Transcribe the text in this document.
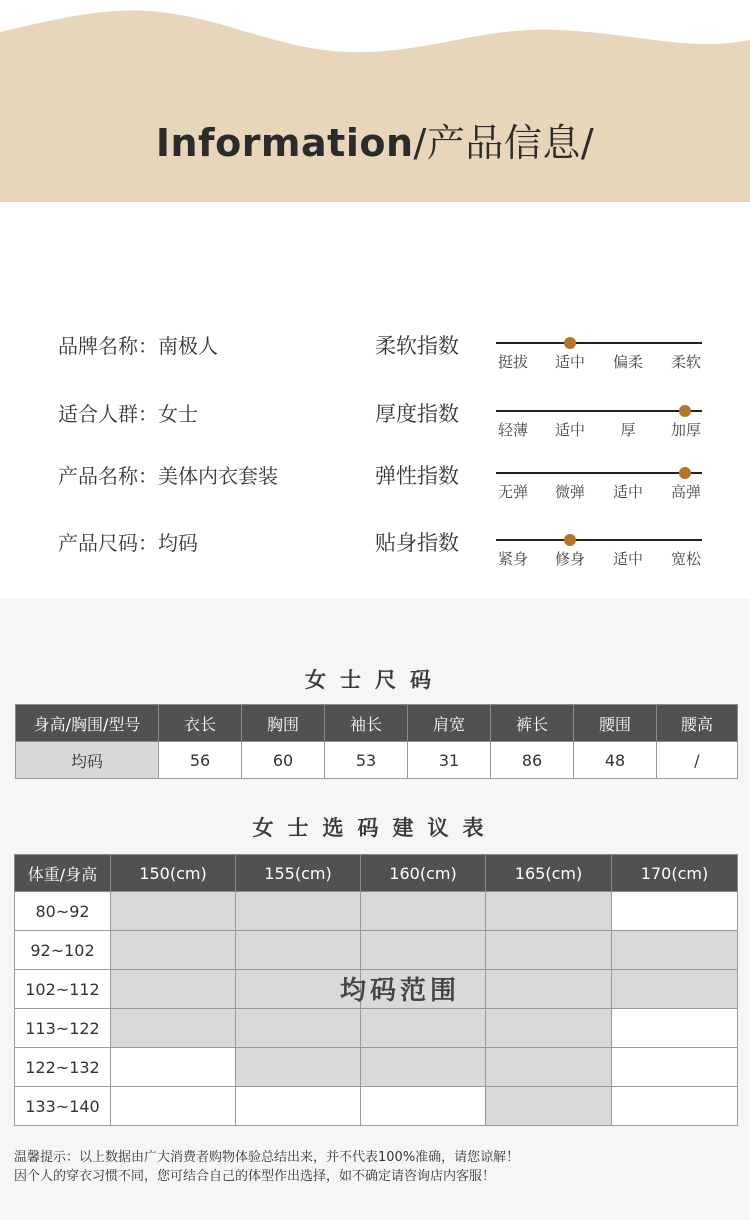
Information/产品信息/
品牌名称：南极人	柔软指数
挺拔 适中 偏柔 柔软
适合人群：女士	厚度指数
轻薄 适中 厚 加厚
产品名称：美体内衣套装	弹性指数
无弹 微弹 适中 高弹
产品尺码：均码	贴身指数
紧身 修身 适中 宽松
女士尺码
身高/胸围/型号	衣长	胸围	袖长	肩宽	裤长	腰围	腰高
均码	56	60	53	31	86	48	/
女士选码建议表
体重/身高	150(cm)	155(cm)	160(cm)	165(cm)	170(cm)
80~92					
92~102					
102~112					
113~122					
122~132					
133~140					
均码范围
温馨提示：以上数据由广大消费者购物体验总结出来，并不代表100%准确，请您谅解！
因个人的穿衣习惯不同，您可结合自己的体型作出选择，如不确定请咨询店内客服！
